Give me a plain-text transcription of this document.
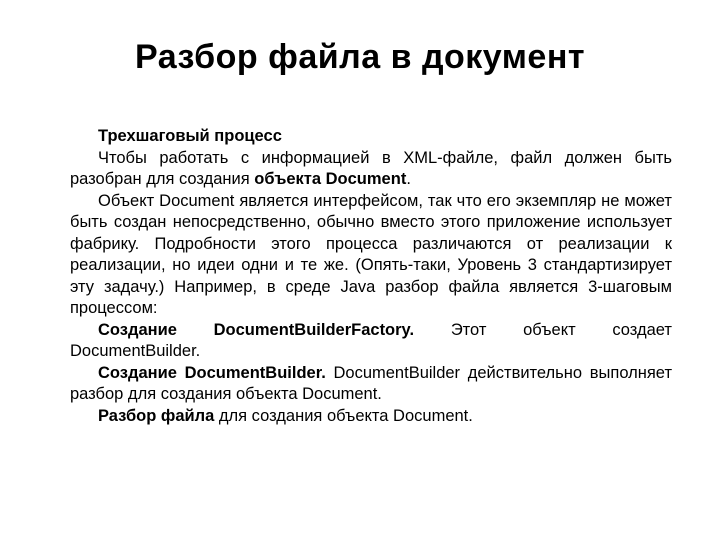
Разбор файла в документ

Трехшаговый процесс

Чтобы работать с информацией в XML-файле, файл должен быть разобран для создания объекта Document.

Объект Document является интерфейсом, так что его экземпляр не может быть создан непосредственно, обычно вместо этого приложение использует фабрику. Подробности этого процесса различаются от реализации к реализации, но идеи одни и те же. (Опять-таки, Уровень 3 стандартизирует эту задачу.) Например, в среде Java разбор файла является 3-шаговым процессом:

Создание DocumentBuilderFactory. Этот объект создает DocumentBuilder.

Создание DocumentBuilder. DocumentBuilder действительно выполняет разбор для создания объекта Document.

Разбор файла для создания объекта Document.
